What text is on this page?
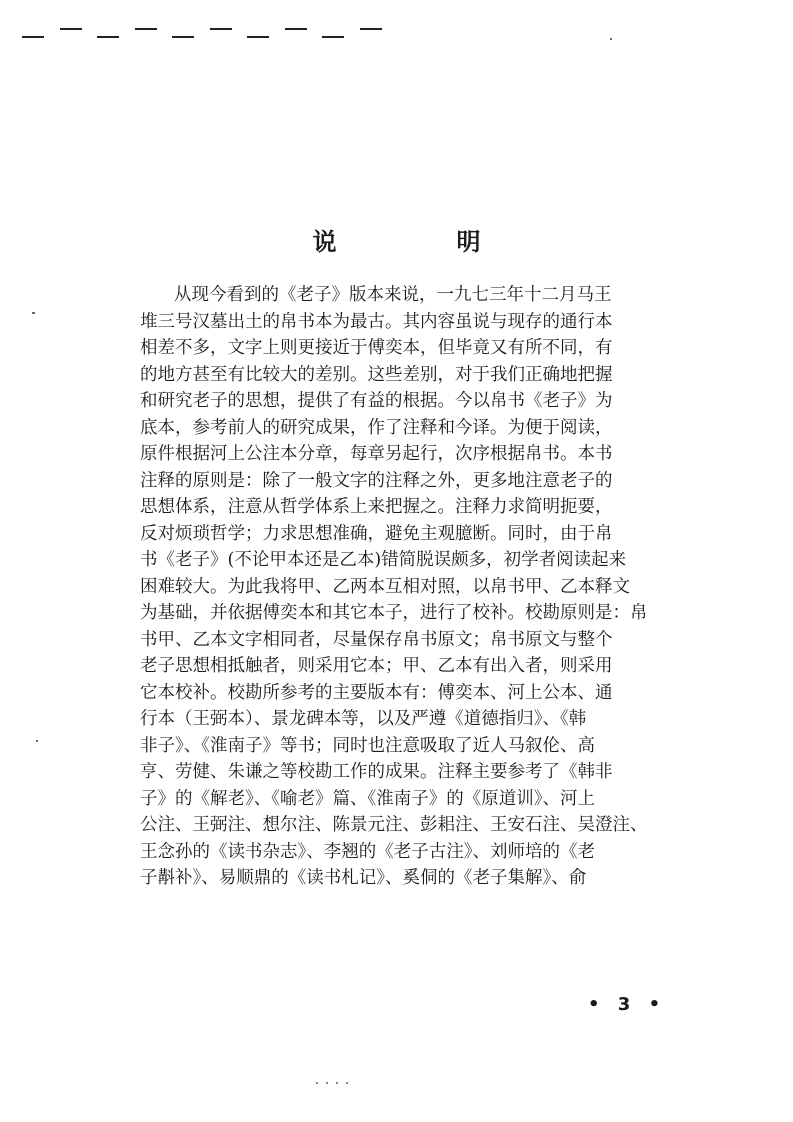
说　明
从现今看到的《老子》版本来说，一九七三年十二月马王
堆三号汉墓出土的帛书本为最古。其内容虽说与现存的通行本
相差不多，文字上则更接近于傅奕本，但毕竟又有所不同，有
的地方甚至有比较大的差别。这些差别，对于我们正确地把握
和研究老子的思想，提供了有益的根据。今以帛书《老子》为
底本，参考前人的研究成果，作了注释和今译。为便于阅读，
原件根据河上公注本分章，每章另起行，次序根据帛书。本书
注释的原则是：除了一般文字的注释之外，更多地注意老子的
思想体系，注意从哲学体系上来把握之。注释力求简明扼要，
反对烦琐哲学；力求思想准确，避免主观臆断。同时，由于帛
书《老子》(不论甲本还是乙本)错简脱误颇多，初学者阅读起来
困难较大。为此我将甲、乙两本互相对照，以帛书甲、乙本释文
为基础，并依据傅奕本和其它本子，进行了校补。校勘原则是：帛
书甲、乙本文字相同者，尽量保存帛书原文；帛书原文与整个
老子思想相抵触者，则采用它本；甲、乙本有出入者，则采用
它本校补。校勘所参考的主要版本有：傅奕本、河上公本、通
行本（王弼本）、景龙碑本等，以及严遵《道德指归》、《韩
非子》、《淮南子》等书；同时也注意吸取了近人马叙伦、高
亨、劳健、朱谦之等校勘工作的成果。注释主要参考了《韩非
子》的《解老》、《喻老》篇、《淮南子》的《原道训》、河上
公注、王弼注、想尔注、陈景元注、彭耜注、王安石注、吴澄注、
王念孙的《读书杂志》、李翘的《老子古注》、刘师培的《老
子斠补》、易顺鼎的《读书札记》、奚侗的《老子集解》、俞
• 3 •
